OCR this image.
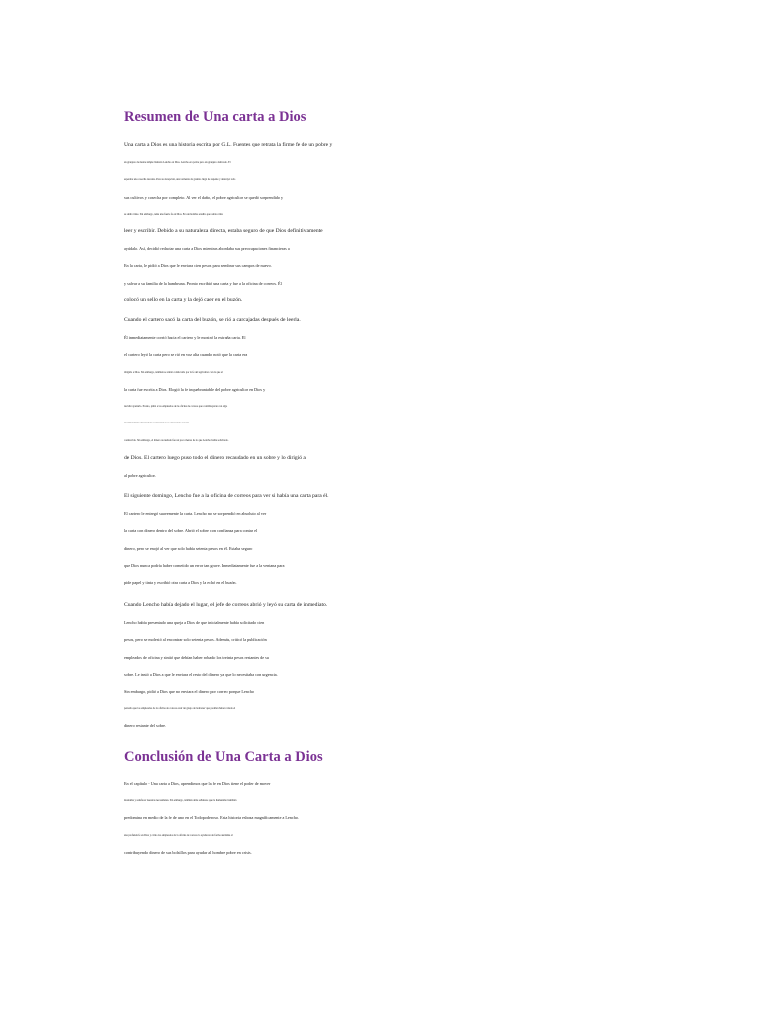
Resumen de Una carta a Dios
Una carta a Dios es una historia escrita por G.L. Fuentes que retrata la firme fe de un pobre y
un granjero de mente simple llamado Lencho en Dios. Lencho era pobre pero un granjero dedicado. El
esperaba una cosecha decente. Para su decepción, una tormenta de granizo llegó de repente y destruyó todo
sus cultivos y cosecha por completo. Al ver el daño, el pobre agricultor se quedó sorprendido y
se sintió triste. Sin embargo, tenía una fuerte fe en Dios. Era un hombre erudito que sabía cómo
leer y escribir. Debido a su naturaleza directa, estaba seguro de que Dios definitivamente
ayúdalo. Así, decidió redactar una carta a Dios mientras abordaba sus preocupaciones financieras a
En la carta, le pidió a Dios que le enviara cien pesos para sembrar sus campos de nuevo.
y salvar a su familia de la hambruna. Pronto escribió una carta y fue a la oficina de correos. Él
colocó un sello en la carta y la dejó caer en el buzón.
Cuando el cartero sacó la carta del buzón, se rió a carcajadas después de leerla.
Él inmediatamente corrió hacia el cartero y le mostró la extraña carta. El
el cartero leyó la carta pero se rió en voz alta cuando notó que la carta era
dirigido a Dios. Sin embargo, también se sintió conmovido por la fe del agricultor con la que el
la carta fue escrita a Dios. Elogió la fe inquebrantable del pobre agricultor en Dios y
decidió ayudarlo. Pronto, pidió a los empleados de la oficina de correos que contribuyeran con algo
dinero como una donación y también dio una parte de su salario para que la fe de Lencho en Dios no se vea afectada
conmovido. Sin embargo, el dinero recaudado fue un poco menos de lo que Lencho había solicitado.
de Dios. El cartero luego puso todo el dinero recaudado en un sobre y lo dirigió a
al pobre agricultor.
El siguiente domingo, Lencho fue a la oficina de correos para ver si había una carta para él.
El cartero le entregó suavemente la carta. Lencho no se sorprendió en absoluto al ver
la carta con dinero dentro del sobre. Abrió el sobre con confianza para contar el
dinero, pero se enojó al ver que solo había setenta pesos en él. Estaba seguro
que Dios nunca podría haber cometido un error tan grave. Inmediatamente fue a la ventana para
pide papel y tinta y escribió otra carta a Dios y la echó en el buzón.
Cuando Lencho había dejado el lugar, el jefe de correos abrió y leyó su carta de inmediato.
Lencho había presentado una queja a Dios de que inicialmente había solicitado cien
pesos, pero se molestó al encontrar solo setenta pesos. Además, criticó la publicación
empleados de oficina y sintió que debían haber robado los treinta pesos restantes de su
sobre. Le instó a Dios a que le enviara el resto del dinero ya que lo necesitaba con urgencia.
Sin embargo, pidió a Dios que no enviara el dinero por correo porque Lencho
pensaba que los empleados de la oficina de correos eran 'un grupo de ladrones' que podrían haber robado el
dinero restante del sobre.
Conclusión de Una Carta a Dios
En el capítulo - Una carta a Dios, aprendimos que la fe en Dios tiene el poder de mover
montañas y satisfacer nuestras necesidades. Sin embargo, también debe señalarse que la humanidad también
predomina en medio de la fe de uno en el Todopoderoso. Esta historia esboza magníficamente a Lencho.
una profunda fe en Dios y cómo los empleados de la oficina de correos lo ayudaron de forma anónima al
contribuyendo dinero de sus bolsillos para ayudar al hombre pobre en crisis.
